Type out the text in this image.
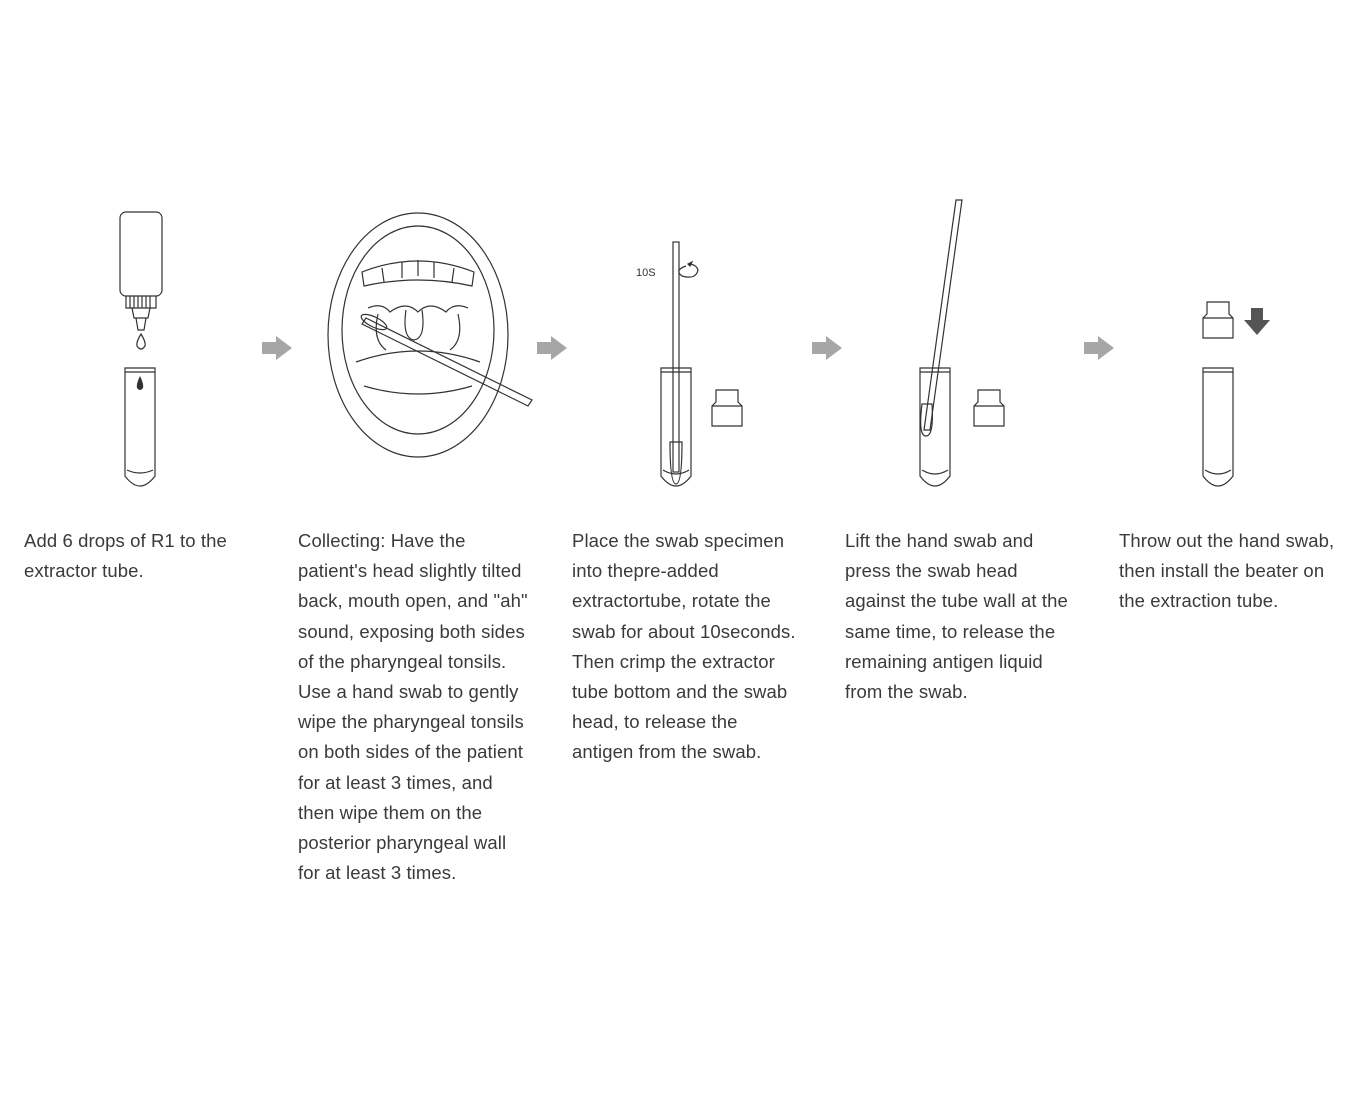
10S
Add 6 drops of R1 to the extractor tube.
Collecting: Have the patient's head slightly tilted back, mouth open, and "ah" sound, exposing both sides of the pharyngeal tonsils. Use a hand swab to gently wipe the pharyngeal tonsils on both sides of the patient for at least 3 times, and then wipe them on the posterior pharyngeal wall for at least 3 times.
Place the swab specimen into thepre-added extractortube, rotate the swab for about 10seconds. Then crimp the extractor tube bottom and the swab head, to release the antigen from the swab.
Lift the hand swab and press the swab head against the tube wall at the same time, to release the remaining antigen liquid from the swab.
Throw out the hand swab, then install the beater on the extraction tube.
